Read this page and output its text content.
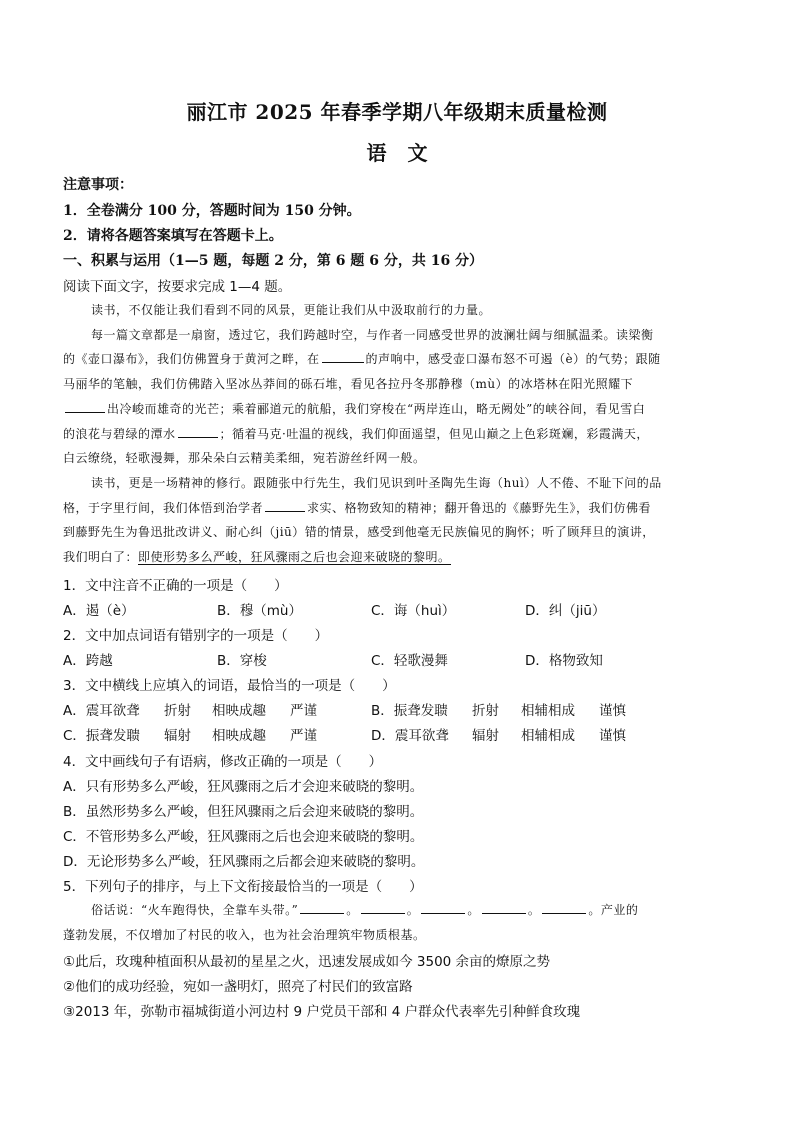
丽江市 2025 年春季学期八年级期末质量检测
语 文
注意事项：
1．全卷满分 100 分，答题时间为 150 分钟。
2．请将各题答案填写在答题卡上。
一、积累与运用（1—5 题，每题 2 分，第 6 题 6 分，共 16 分）
阅读下面文字，按要求完成 1—4 题。
读书，不仅能让我们看到不同的风景，更能让我们从中汲取前行的力量。
每一篇文章都是一扇窗，透过它，我们跨越时空，与作者一同感受世界的波澜壮阔与细腻温柔。读梁衡
的《壶口瀑布》，我们仿佛置身于黄河之畔，在	的声响中，感受壶口瀑布怒不可遏（è）的气势；跟随
马丽华的笔触，我们仿佛踏入坚冰丛莽间的砾石堆，看见各拉丹冬那静穆（mù）的冰塔林在阳光照耀下
出冷峻而雄奇的光芒；乘着郦道元的航船，我们穿梭在“两岸连山，略无阙处”的峡谷间，看见雪白
的浪花与碧绿的潭水	；循着马克·吐温的视线，我们仰面遥望，但见山巅之上色彩斑斓，彩霞满天，
白云缭绕，轻歌漫舞，那朵朵白云精美柔细，宛若游丝纤网一般。
读书，更是一场精神的修行。跟随张中行先生，我们见识到叶圣陶先生诲（huì）人不倦、不耻下问的品
格，于字里行间，我们体悟到治学者	求实、格物致知的精神；翻开鲁迅的《藤野先生》，我们仿佛看
到藤野先生为鲁迅批改讲义、耐心纠（jiū）错的情景，感受到他毫无民族偏见的胸怀；听了顾拜旦的演讲，
我们明白了：即使形势多么严峻，狂风骤雨之后也会迎来破晓的黎明。
1．文中注音不正确的一项是（　　）
A．遏（è）	B．穆（mù）	C．诲（huì）	D．纠（jiū）
2．文中加点词语有错别字的一项是（　　）
A．跨越	B．穿梭	C．轻歌漫舞	D．格物致知
3．文中横线上应填入的词语，最恰当的一项是（　　）
A．震耳欲聋 折射 相映成趣 严谨	B．振聋发聩 折射 相辅相成 谨慎
C．振聋发聩 辐射 相映成趣 严谨	D．震耳欲聋 辐射 相辅相成 谨慎
4．文中画线句子有语病，修改正确的一项是（　　）
A．只有形势多么严峻，狂风骤雨之后才会迎来破晓的黎明。
B．虽然形势多么严峻，但狂风骤雨之后会迎来破晓的黎明。
C．不管形势多么严峻，狂风骤雨之后也会迎来破晓的黎明。
D．无论形势多么严峻，狂风骤雨之后都会迎来破晓的黎明。
5．下列句子的排序，与上下文衔接最恰当的一项是（　　）
俗话说：“火车跑得快，全靠车头带。”	。	。	。	。	。产业的
蓬勃发展，不仅增加了村民的收入，也为社会治理筑牢物质根基。
①此后，玫瑰种植面积从最初的星星之火，迅速发展成如今 3500 余亩的燎原之势
②他们的成功经验，宛如一盏明灯，照亮了村民们的致富路
③2013 年，弥勒市福城街道小河边村 9 户党员干部和 4 户群众代表率先引种鲜食玫瑰
